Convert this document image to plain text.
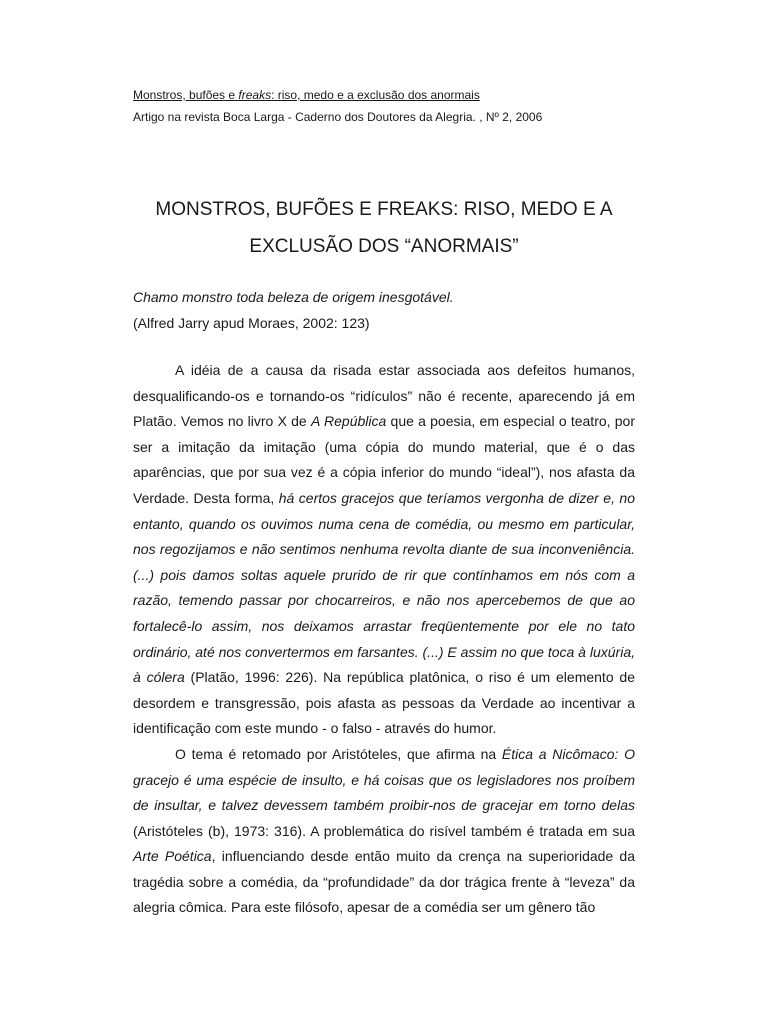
Monstros, bufões e freaks: riso, medo e a exclusão dos anormais
Artigo na revista Boca Larga - Caderno dos Doutores da Alegria. , Nº 2, 2006
MONSTROS, BUFÕES E FREAKS: RISO, MEDO E A
EXCLUSÃO DOS “ANORMAIS”
Chamo monstro toda beleza de origem inesgotável.
(Alfred Jarry apud Moraes, 2002: 123)

A idéia de a causa da risada estar associada aos defeitos humanos, desqualificando-os e tornando-os “ridículos” não é recente, aparecendo já em Platão. Vemos no livro X de A República que a poesia, em especial o teatro, por ser a imitação da imitação (uma cópia do mundo material, que é o das aparências, que por sua vez é a cópia inferior do mundo “ideal”), nos afasta da Verdade. Desta forma, há certos gracejos que teríamos vergonha de dizer e, no entanto, quando os ouvimos numa cena de comédia, ou mesmo em particular, nos regozijamos e não sentimos nenhuma revolta diante de sua inconveniência. (...) pois damos soltas aquele prurido de rir que contínhamos em nós com a razão, temendo passar por chocarreiros, e não nos apercebemos de que ao fortalecê-lo assim, nos deixamos arrastar freqüentemente por ele no tato ordinário, até nos convertermos em farsantes. (...) E assim no que toca à luxúria, à cólera (Platão, 1996: 226). Na república platônica, o riso é um elemento de desordem e transgressão, pois afasta as pessoas da Verdade ao incentivar a identificação com este mundo - o falso - através do humor.

O tema é retomado por Aristóteles, que afirma na Ética a Nicômaco: O gracejo é uma espécie de insulto, e há coisas que os legisladores nos proíbem de insultar, e talvez devessem também proibir-nos de gracejar em torno delas (Aristóteles (b), 1973: 316). A problemática do risível também é tratada em sua Arte Poética, influenciando desde então muito da crença na superioridade da tragédia sobre a comédia, da “profundidade” da dor trágica frente à “leveza” da alegria cômica. Para este filósofo, apesar de a comédia ser um gênero tão
